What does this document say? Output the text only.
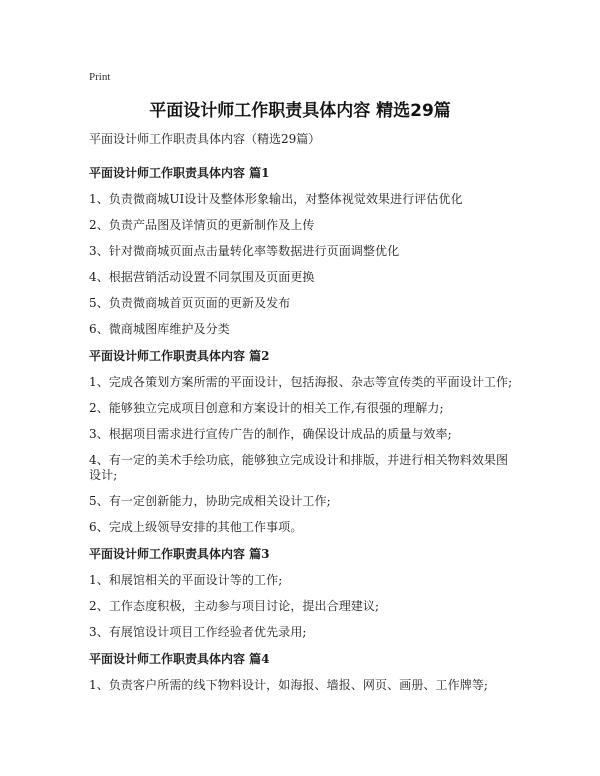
Print
平面设计师工作职责具体内容 精选29篇
平面设计师工作职责具体内容（精选29篇）
平面设计师工作职责具体内容 篇1
1、负责微商城UI设计及整体形象输出，对整体视觉效果进行评估优化
2、负责产品图及详情页的更新制作及上传
3、针对微商城页面点击量转化率等数据进行页面调整优化
4、根据营销活动设置不同氛围及页面更换
5、负责微商城首页页面的更新及发布
6、微商城图库维护及分类
平面设计师工作职责具体内容 篇2
1、完成各策划方案所需的平面设计，包括海报、杂志等宣传类的平面设计工作;
2、能够独立完成项目创意和方案设计的相关工作,有很强的理解力;
3、根据项目需求进行宣传广告的制作，确保设计成品的质量与效率;
4、有一定的美术手绘功底，能够独立完成设计和排版，并进行相关物料效果图设计;
5、有一定创新能力，协助完成相关设计工作;
6、完成上级领导安排的其他工作事项。
平面设计师工作职责具体内容 篇3
1、和展馆相关的平面设计等的工作;
2、工作态度积极，主动参与项目讨论，提出合理建议;
3、有展馆设计项目工作经验者优先录用;
平面设计师工作职责具体内容 篇4
1、负责客户所需的线下物料设计，如海报、墙报、网页、画册、工作牌等;
